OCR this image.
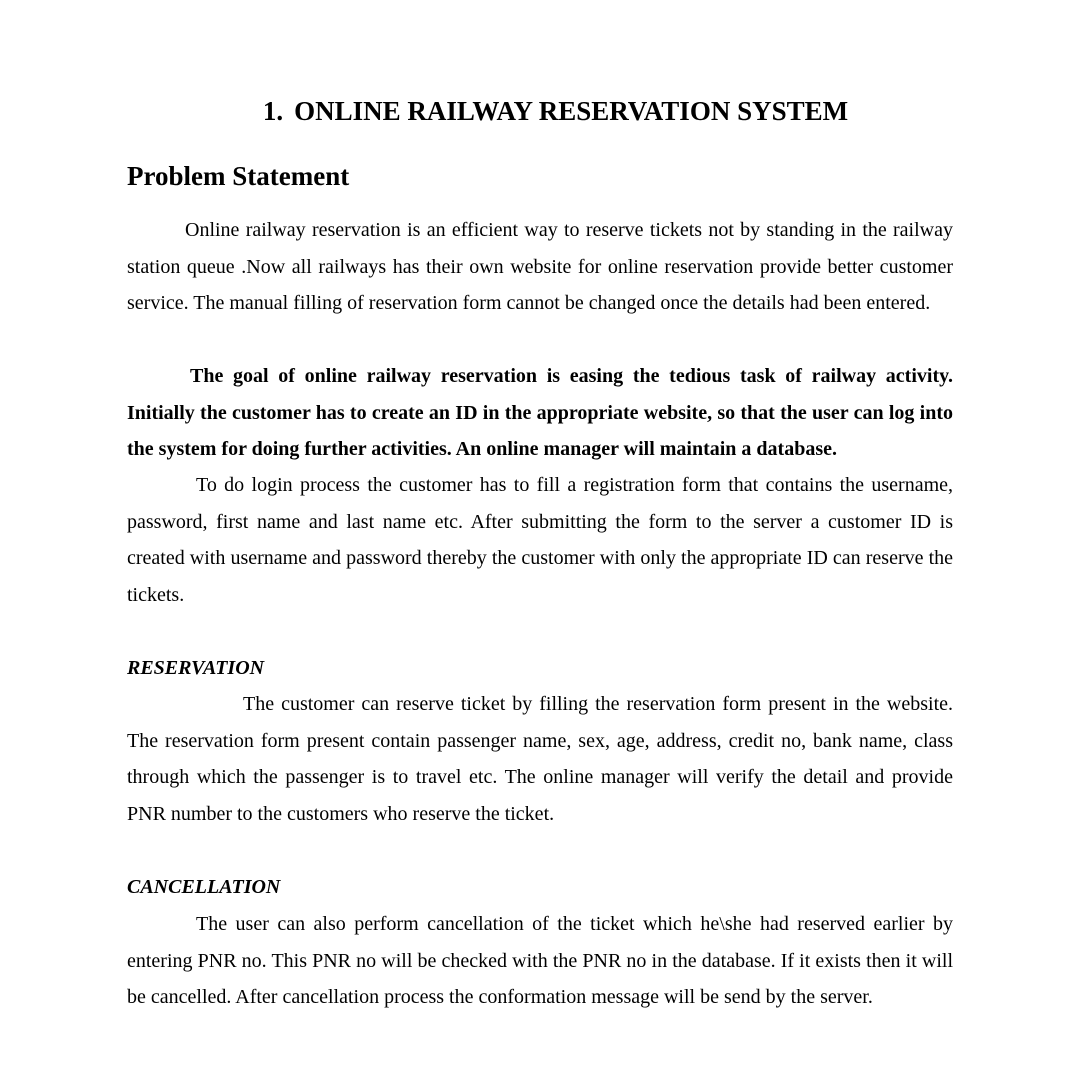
1. ONLINE RAILWAY RESERVATION SYSTEM
Problem Statement

Online railway reservation is an efficient way to reserve tickets not by standing in the railway station queue .Now all railways has their own website for online reservation provide better customer service. The manual filling of reservation form cannot be changed once the details had been entered.

The goal of online railway reservation is easing the tedious task of railway activity. Initially the customer has to create an ID in the appropriate website, so that the user can log into the system for doing further activities. An online manager will maintain a database.

To do login process the customer has to fill a registration form that contains the username, password, first name and last name etc. After submitting the form to the server a customer ID is created with username and password thereby the customer with only the appropriate ID can reserve the tickets.

RESERVATION

The customer can reserve ticket by filling the reservation form present in the website. The reservation form present contain passenger name, sex, age, address, credit no, bank name, class through which the passenger is to travel etc. The online manager will verify the detail and provide PNR number to the customers who reserve the ticket.

CANCELLATION

The user can also perform cancellation of the ticket which he\she had reserved earlier by entering PNR no. This PNR no will be checked with the PNR no in the database. If it exists then it will be cancelled. After cancellation process the conformation message will be send by the server.
